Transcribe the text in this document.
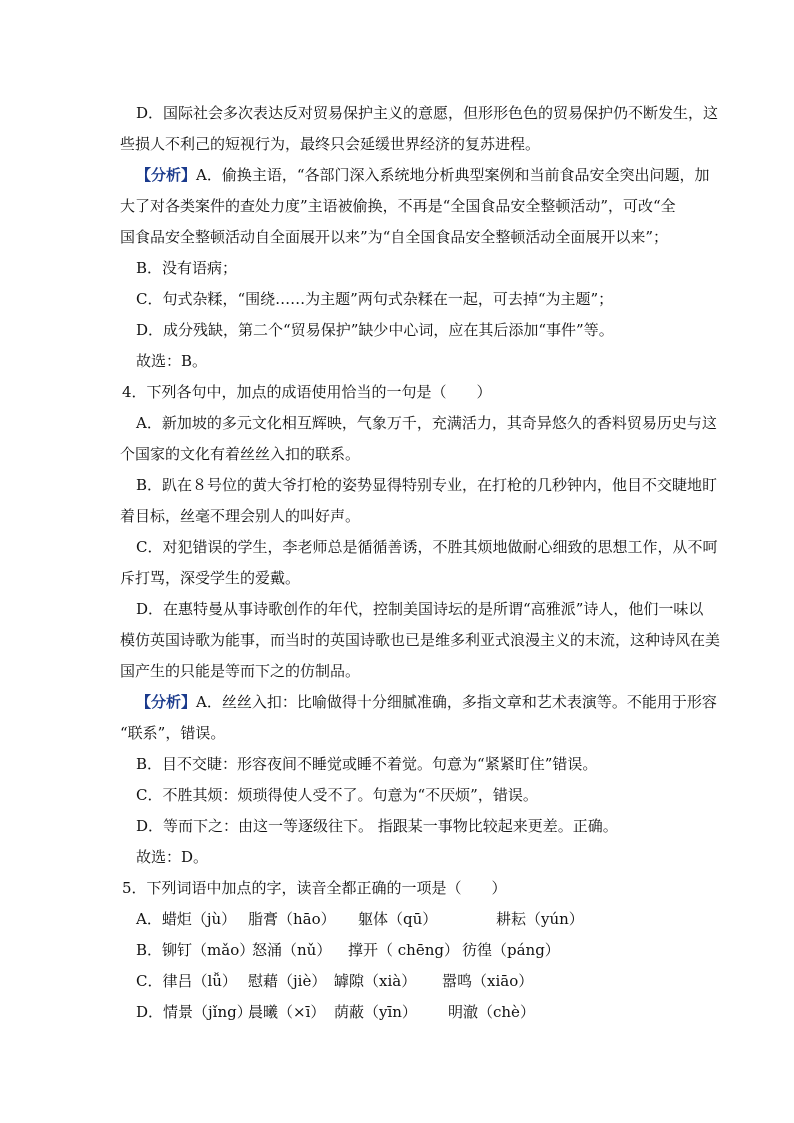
D．国际社会多次表达反对贸易保护主义的意愿，但形形色色的贸易保护仍不断发生，这
些损人不利己的短视行为，最终只会延缓世界经济的复苏进程。
【分析】A．偷换主语，“各部门深入系统地分析典型案例和当前食品安全突出问题，加
大了对各类案件的查处力度”主语被偷换，不再是“全国食品安全整顿活动”，可改“全
国食品安全整顿活动自全面展开以来”为“自全国食品安全整顿活动全面展开以来”；
B．没有语病；
C．句式杂糅，“围绕……为主题”两句式杂糅在一起，可去掉“为主题”；
D．成分残缺，第二个“贸易保护”缺少中心词，应在其后添加“事件”等。
故选：B。
4．下列各句中，加点的成语使用恰当的一句是（　　）
A．新加坡的多元文化相互辉映，气象万千，充满活力，其奇异悠久的香料贸易历史与这
个国家的文化有着丝丝入扣的联系。
B．趴在８号位的黄大爷打枪的姿势显得特别专业，在打枪的几秒钟内，他目不交睫地盯
着目标，丝毫不理会别人的叫好声。
C．对犯错误的学生，李老师总是循循善诱，不胜其烦地做耐心细致的思想工作，从不呵
斥打骂，深受学生的爱戴。
D．在惠特曼从事诗歌创作的年代，控制美国诗坛的是所谓“高雅派”诗人，他们一味以
模仿英国诗歌为能事，而当时的英国诗歌也已是维多利亚式浪漫主义的末流，这种诗风在美
国产生的只能是等而下之的仿制品。
【分析】A．丝丝入扣：比喻做得十分细腻准确，多指文章和艺术表演等。不能用于形容
“联系”，错误。
B．目不交睫：形容夜间不睡觉或睡不着觉。句意为“紧紧盯住”错误。
C．不胜其烦：烦琐得使人受不了。句意为“不厌烦”，错误。
D．等而下之：由这一等逐级往下。 指跟某一事物比较起来更差。正确。
故选：D。
5．下列词语中加点的字，读音全都正确的一项是（　　）
A．蜡炬（jù） 脂膏（hāo） 躯体（qū）	耕耘（yún）
B．铆钉（mǎo）怒涌（nǔ） 撑开（ chēng） 彷徨（páng）
C．律吕（lǚ） 慰藉（jiè） 罅隙（xià） 嚣鸣（xiāo）
D．情景（jǐng）晨曦（×ī） 荫蔽（yīn） 明澈（chè）
